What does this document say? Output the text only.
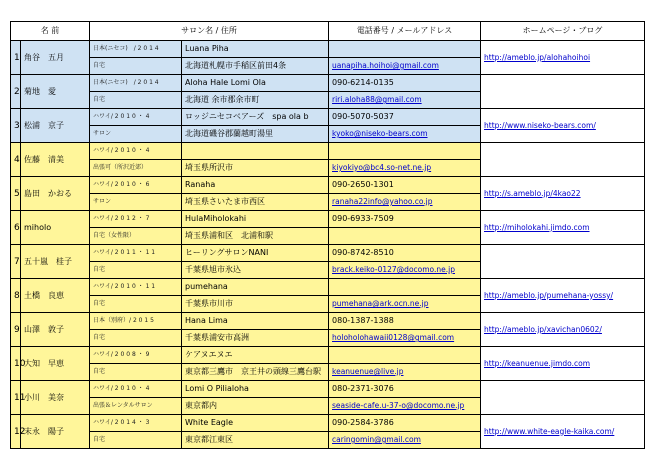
名 前		サロン名 / 住所		電話番号 / メールアドレス	ホームページ・ブログ
1	角谷　五月	日本(ニセコ)　/ 2 0 1 4	Luana Piha		http://ameblo.jp/alohahoihoi
		自宅	北海道札幌市手稲区前田4条	uanapiha.hoihoi@gmail.com	
2	菊地　愛	日本(ニセコ)　/ 2 0 1 4	Aloha Hale Lomi Ola	090-6214-0135	
		自宅	北海道 余市郡余市町	riri.aloha88@gmail.com	
3	松浦　京子	ハワイ/ 2 0 1 0 ・ 4	ロッジニセコベアーズ　spa ola b	090-5070-5037	http://www.niseko-bears.com/
		サロン	北海道磯谷郡蘭越町湯里	kyoko@niseko-bears.com	
4	佐藤　清美	ハワイ/ 2 0 1 0 ・ 4			
		出張可（所沢近郊）	埼玉県所沢市	kiyokiyo@bc4.so-net.ne.jp	
5	島田　かおる	ハワイ/ 2 0 1 0 ・ 6	Ranaha	090-2650-1301	http://s.ameblo.jp/4kao22
		サロン	埼玉県さいたま市西区	ranaha22info@yahoo.co.jp	
6	miholo	ハワイ/ 2 0 1 2 ・ 7	HulaMiholokahi	090-6933-7509	http://miholokahi.jimdo.com
		自宅（女性限）	埼玉県浦和区　北浦和駅		
7	五十嵐　桂子	ハワイ/ 2 0 1 1 ・ 1 1	ヒーリングサロンNANI	090-8742-8510	
		自宅	千葉県旭市氷込	brack.keiko-0127@docomo.ne.jp	
8	土橋　良恵	ハワイ/ 2 0 1 0 ・ 1 1	pumehana		http://ameblo.jp/pumehana-yossy/
		自宅	千葉県市川市	pumehana@ark.ocn.ne.jp	
9	山澤　敦子	日本（別府）/ 2 0 1 5	Hana Lima	080-1387-1388	http://ameblo.jp/xavichan0602/
		自宅	千葉県浦安市高洲	holoholohawaii0128@gmail.com	
10	大知　早恵	ハワイ/ 2 0 0 8 ・ 9	ケアヌエヌエ		http://keanuenue.jimdo.com
		自宅	東京都三鷹市　京王井の頭線三鷹台駅	keanuenue@live.jp	
11	小川　美奈	ハワイ/ 2 0 1 0 ・ 4	Lomi O Pilialoha	080-2371-3076	
		出張＆レンタルサロン	東京都内	seaside-cafe.u-37-o@docomo.ne.jp	
12	末永　陽子	ハワイ/ 2 0 1 4 ・ 3	White Eagle	090-2584-3786	http://www.white-eagle-kaika.com/
		自宅	東京都江東区	caringomin@gmail.com	
